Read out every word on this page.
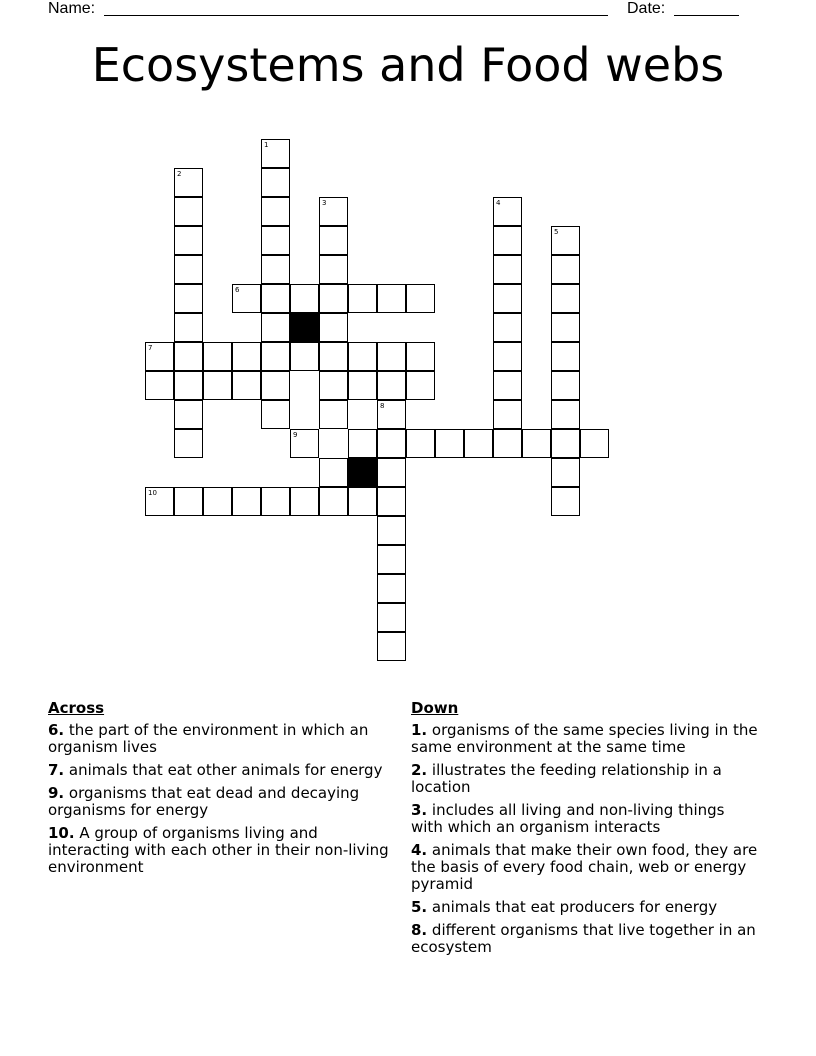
Name:	Date:
Ecosystems and Food webs
1
2
3	4
5
6
8
9
10
7
Across
6. the part of the environment in which an organism lives
7. animals that eat other animals for energy
9. organisms that eat dead and decaying organisms for energy
10. A group of organisms living and interacting with each other in their non-living environment
Down
1. organisms of the same species living in the same environment at the same time
2. illustrates the feeding relationship in a location
3. includes all living and non-living things with which an organism interacts
4. animals that make their own food, they are the basis of every food chain, web or energy pyramid
5. animals that eat producers for energy
8. different organisms that live together in an ecosystem
